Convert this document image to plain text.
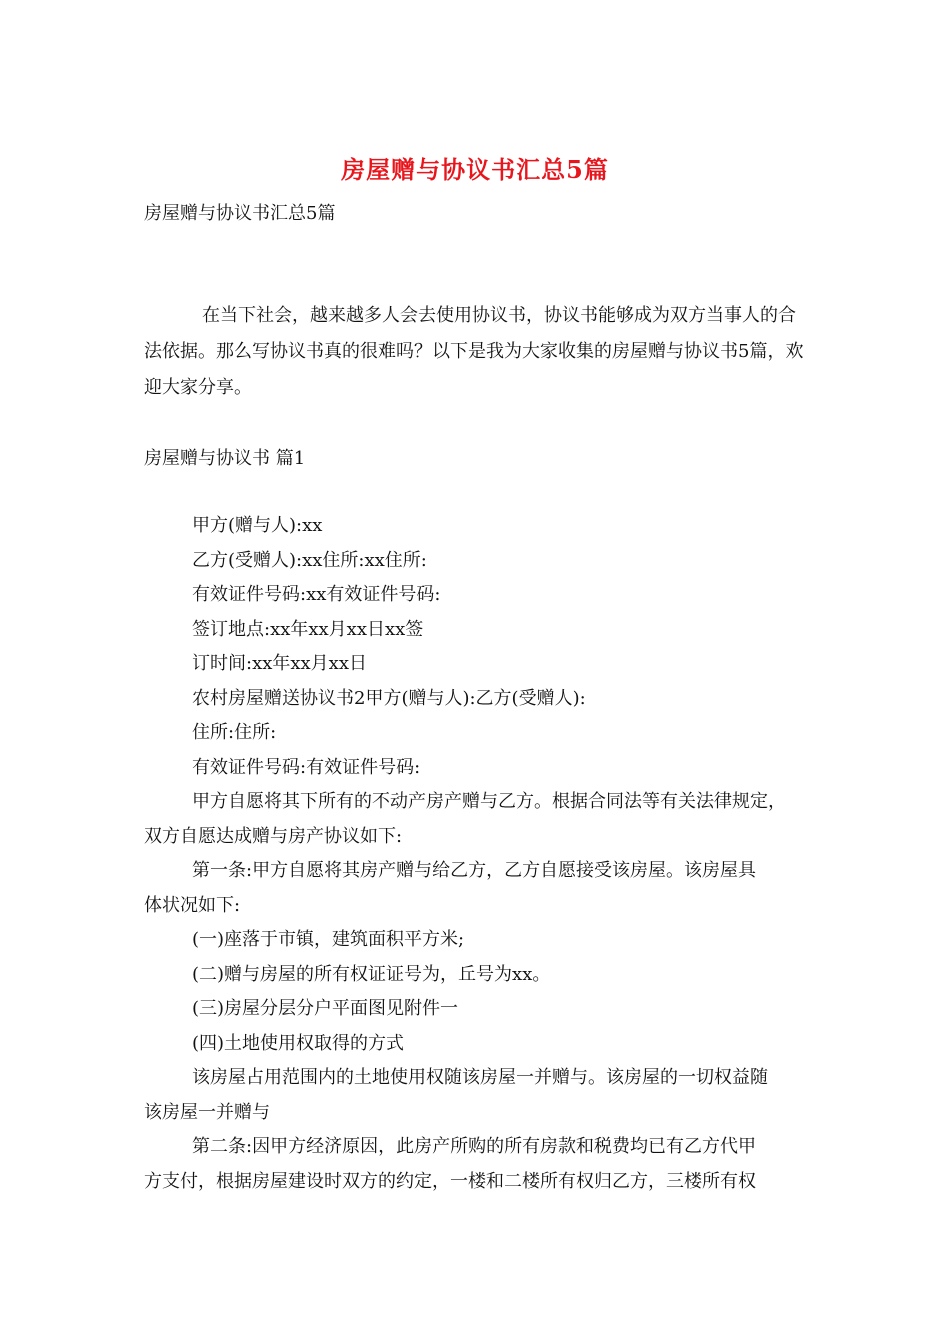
房屋赠与协议书汇总5篇
房屋赠与协议书汇总5篇

在当下社会，越来越多人会去使用协议书，协议书能够成为双方当事人的合法依据。那么写协议书真的很难吗？以下是我为大家收集的房屋赠与协议书5篇，欢迎大家分享。

房屋赠与协议书 篇1
甲方(赠与人):xx
乙方(受赠人):xx住所:xx住所:
有效证件号码:xx有效证件号码:
签订地点:xx年xx月xx日xx签
订时间:xx年xx月xx日
农村房屋赠送协议书2甲方(赠与人):乙方(受赠人):
住所:住所:
有效证件号码:有效证件号码:
甲方自愿将其下所有的不动产房产赠与乙方。根据合同法等有关法律规定，
双方自愿达成赠与房产协议如下:
第一条:甲方自愿将其房产赠与给乙方，乙方自愿接受该房屋。该房屋具
体状况如下:
(一)座落于市镇，建筑面积平方米;
(二)赠与房屋的所有权证证号为，丘号为xx。
(三)房屋分层分户平面图见附件一
(四)土地使用权取得的方式
该房屋占用范围内的土地使用权随该房屋一并赠与。该房屋的一切权益随
该房屋一并赠与
第二条:因甲方经济原因，此房产所购的所有房款和税费均已有乙方代甲
方支付，根据房屋建设时双方的约定，一楼和二楼所有权归乙方，三楼所有权
